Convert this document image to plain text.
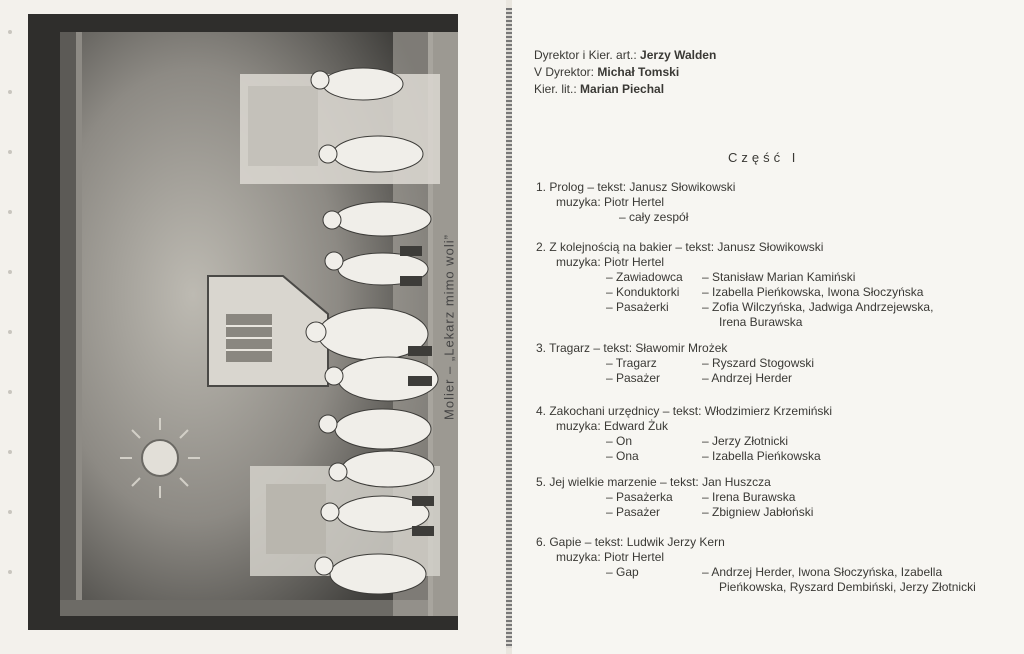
Molier – „Lekarz mimo woli”
Dyrektor i Kier. art.: Jerzy Walden
V Dyrektor: Michał Tomski
Kier. lit.: Marian Piechal
Część I
1. Prolog – tekst: Janusz Słowikowski
muzyka: Piotr Hertel
– cały zespół
2. Z kolejnością na bakier – tekst: Janusz Słowikowski
muzyka: Piotr Hertel
– Zawiadowca – Stanisław Marian Kamiński
– Konduktorki – Izabella Pieńkowska, Iwona Słoczyńska
– Pasażerki	– Zofia Wilczyńska, Jadwiga Andrzejewska,
Irena Burawska
3. Tragarz – tekst: Sławomir Mrożek
– Tragarz	– Ryszard Stogowski
– Pasażer	– Andrzej Herder
4. Zakochani urzędnicy – tekst: Włodzimierz Krzemiński
muzyka: Edward Żuk
– On	– Jerzy Złotnicki
– Ona	– Izabella Pieńkowska
5. Jej wielkie marzenie – tekst: Jan Huszcza
– Pasażerka – Irena Burawska
– Pasażer	– Zbigniew Jabłoński
6. Gapie – tekst: Ludwik Jerzy Kern
muzyka: Piotr Hertel
– Gap	– Andrzej Herder, Iwona Słoczyńska, Izabella
Pieńkowska, Ryszard Dembiński, Jerzy Złotnicki
